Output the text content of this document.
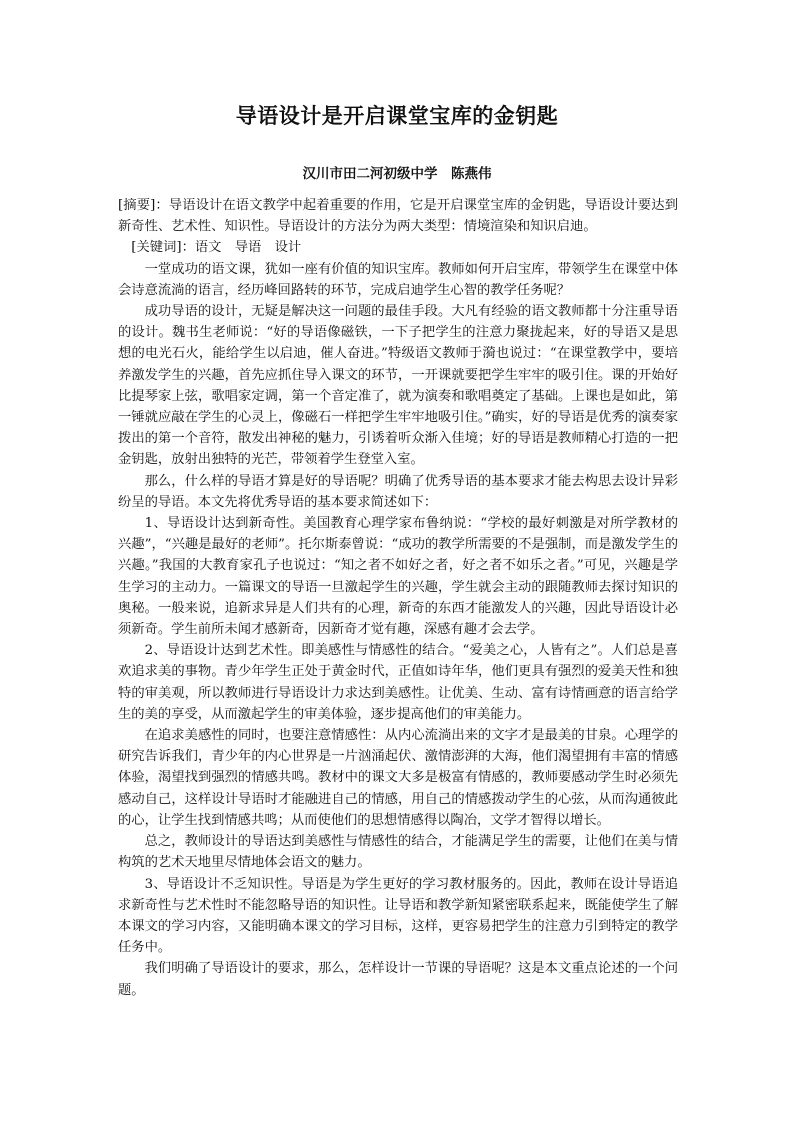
导语设计是开启课堂宝库的金钥匙
汉川市田二河初级中学　陈燕伟

[摘要]：导语设计在语文教学中起着重要的作用，它是开启课堂宝库的金钥匙，导语设计要达到新奇性、艺术性、知识性。导语设计的方法分为两大类型：情境渲染和知识启迪。

[关键词]：语文　导语　设计

一堂成功的语文课，犹如一座有价值的知识宝库。教师如何开启宝库，带领学生在课堂中体会诗意流淌的语言，经历峰回路转的环节，完成启迪学生心智的教学任务呢？

成功导语的设计，无疑是解决这一问题的最佳手段。大凡有经验的语文教师都十分注重导语的设计。魏书生老师说：“好的导语像磁铁，一下子把学生的注意力聚拢起来，好的导语又是思想的电光石火，能给学生以启迪，催人奋进。”特级语文教师于漪也说过：“在课堂教学中，要培养激发学生的兴趣，首先应抓住导入课文的环节，一开课就要把学生牢牢的吸引住。课的开始好比提琴家上弦，歌唱家定调，第一个音定准了，就为演奏和歌唱奠定了基础。上课也是如此，第一锤就应敲在学生的心灵上，像磁石一样把学生牢牢地吸引住。”确实，好的导语是优秀的演奏家拨出的第一个音符，散发出神秘的魅力，引诱着听众渐入佳境；好的导语是教师精心打造的一把金钥匙，放射出独特的光芒，带领着学生登堂入室。

那么，什么样的导语才算是好的导语呢？明确了优秀导语的基本要求才能去构思去设计异彩纷呈的导语。本文先将优秀导语的基本要求简述如下：

1、导语设计达到新奇性。美国教育心理学家布鲁纳说：“学校的最好刺激是对所学教材的兴趣”，“兴趣是最好的老师”。托尔斯泰曾说：“成功的教学所需要的不是强制，而是激发学生的兴趣。”我国的大教育家孔子也说过：“知之者不如好之者，好之者不如乐之者。”可见，兴趣是学生学习的主动力。一篇课文的导语一旦激起学生的兴趣，学生就会主动的跟随教师去探讨知识的奥秘。一般来说，追新求异是人们共有的心理，新奇的东西才能激发人的兴趣，因此导语设计必须新奇。学生前所未闻才感新奇，因新奇才觉有趣，深感有趣才会去学。

2、导语设计达到艺术性。即美感性与情感性的结合。“爱美之心，人皆有之”。人们总是喜欢追求美的事物。青少年学生正处于黄金时代，正值如诗年华，他们更具有强烈的爱美天性和独特的审美观，所以教师进行导语设计力求达到美感性。让优美、生动、富有诗情画意的语言给学生的美的享受，从而激起学生的审美体验，逐步提高他们的审美能力。

在追求美感性的同时，也要注意情感性：从内心流淌出来的文字才是最美的甘泉。心理学的研究告诉我们，青少年的内心世界是一片汹涌起伏、激情澎湃的大海，他们渴望拥有丰富的情感体验，渴望找到强烈的情感共鸣。教材中的课文大多是极富有情感的，教师要感动学生时必须先感动自己，这样设计导语时才能融进自己的情感，用自己的情感拨动学生的心弦，从而沟通彼此的心，让学生找到情感共鸣；从而使他们的思想情感得以陶冶，文学才智得以增长。

总之，教师设计的导语达到美感性与情感性的结合，才能满足学生的需要，让他们在美与情构筑的艺术天地里尽情地体会语文的魅力。

3、导语设计不乏知识性。导语是为学生更好的学习教材服务的。因此，教师在设计导语追求新奇性与艺术性时不能忽略导语的知识性。让导语和教学新知紧密联系起来，既能使学生了解本课文的学习内容，又能明确本课文的学习目标，这样，更容易把学生的注意力引到特定的教学任务中。

我们明确了导语设计的要求，那么，怎样设计一节课的导语呢？这是本文重点论述的一个问题。
